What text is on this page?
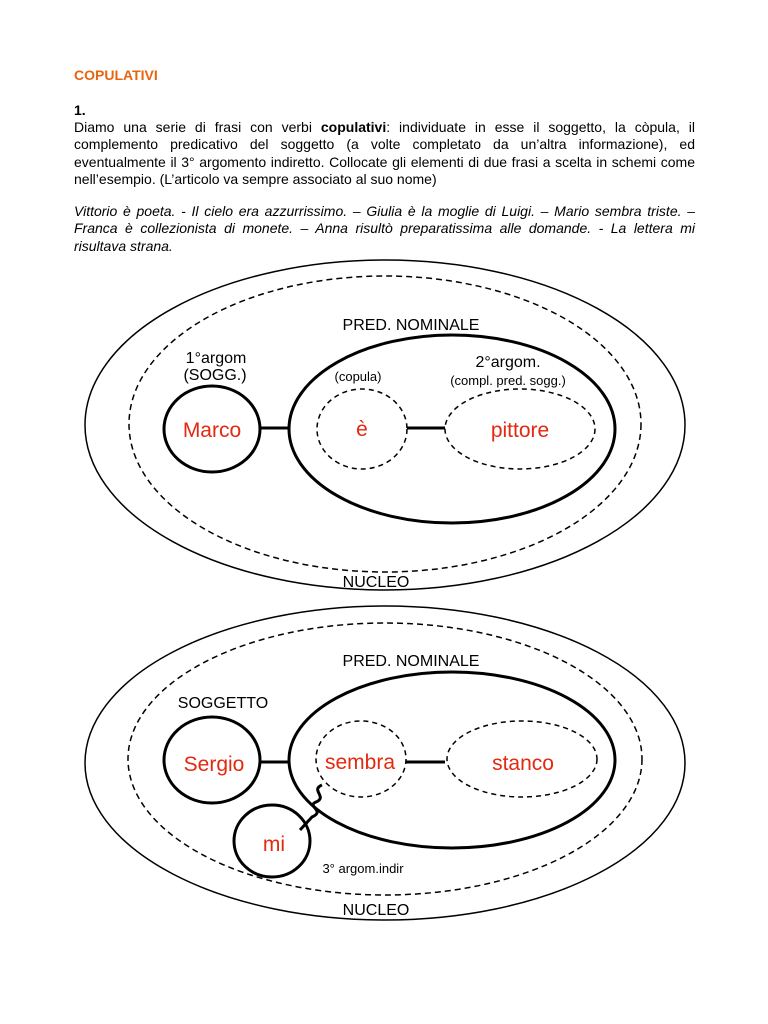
COPULATIVI
1.
Diamo una serie di frasi con verbi copulativi: individuate in esse il soggetto, la còpula, il complemento predicativo del soggetto (a volte completato da un’altra informazione), ed eventualmente il 3° argomento indiretto. Collocate gli elementi di due frasi a scelta in schemi come nell’esempio. (L’articolo va sempre associato al suo nome)
Vittorio è poeta. - Il cielo era azzurrissimo. – Giulia è la moglie di Luigi. – Mario sembra triste. – Franca è collezionista di monete. – Anna risultò preparatissima alle domande. - La lettera mi risultava strana.
PRED. NOMINALE
1°argom
(SOGG.)	(copula)
2°argom.
(compl. pred. sogg.)
Marco	è	pittore
NUCLEO
PRED. NOMINALE
SOGGETTO
Sergio	sembra	stanco
mi
3° argom.indir
NUCLEO
